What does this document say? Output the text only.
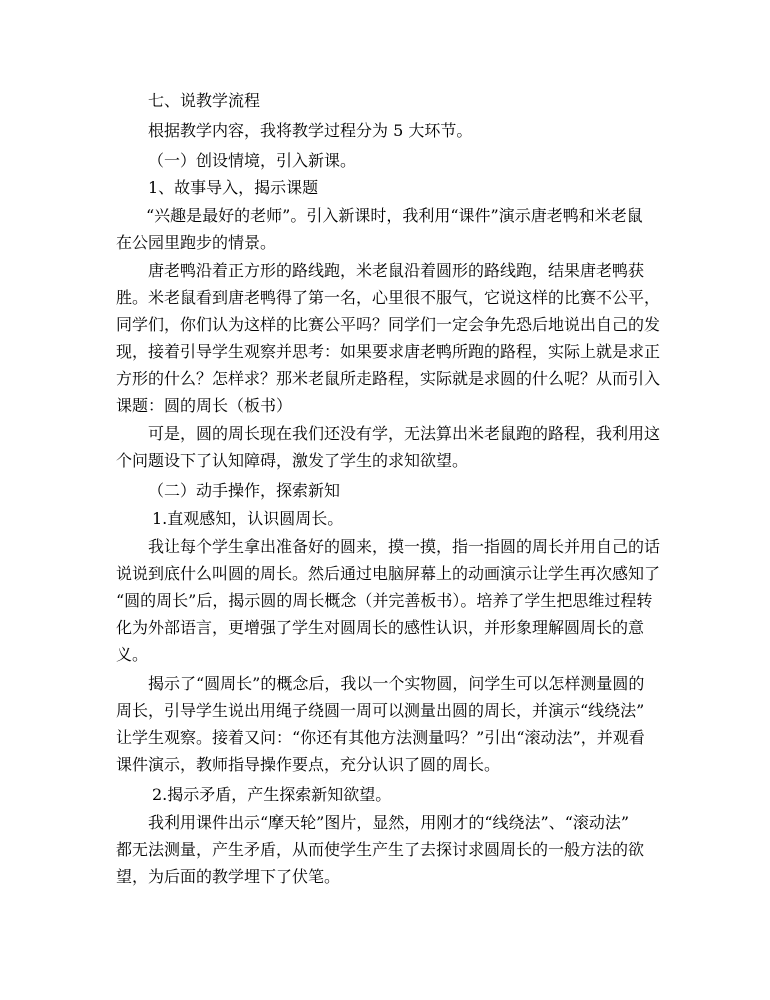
七、说教学流程
根据教学内容，我将教学过程分为 5 大环节。
（一）创设情境，引入新课。
1、故事导入，揭示课题
“兴趣是最好的老师”。引入新课时，我利用“课件”演示唐老鸭和米老鼠
在公园里跑步的情景。
唐老鸭沿着正方形的路线跑，米老鼠沿着圆形的路线跑，结果唐老鸭获
胜。米老鼠看到唐老鸭得了第一名，心里很不服气，它说这样的比赛不公平，
同学们，你们认为这样的比赛公平吗？同学们一定会争先恐后地说出自己的发
现，接着引导学生观察并思考：如果要求唐老鸭所跑的路程，实际上就是求正
方形的什么？怎样求？那米老鼠所走路程，实际就是求圆的什么呢？从而引入
课题：圆的周长（板书）
可是，圆的周长现在我们还没有学，无法算出米老鼠跑的路程，我利用这
个问题设下了认知障碍，激发了学生的求知欲望。
（二）动手操作，探索新知
1.直观感知，认识圆周长。
我让每个学生拿出准备好的圆来，摸一摸，指一指圆的周长并用自己的话
说说到底什么叫圆的周长。然后通过电脑屏幕上的动画演示让学生再次感知了
“圆的周长”后，揭示圆的周长概念（并完善板书）。培养了学生把思维过程转
化为外部语言，更增强了学生对圆周长的感性认识，并形象理解圆周长的意
义。
揭示了“圆周长”的概念后，我以一个实物圆，问学生可以怎样测量圆的
周长，引导学生说出用绳子绕圆一周可以测量出圆的周长，并演示“线绕法”
让学生观察。接着又问：“你还有其他方法测量吗？”引出“滚动法”，并观看
课件演示，教师指导操作要点，充分认识了圆的周长。
2.揭示矛盾，产生探索新知欲望。
我利用课件出示“摩天轮”图片，显然，用刚才的“线绕法”、“滚动法”
都无法测量，产生矛盾，从而使学生产生了去探讨求圆周长的一般方法的欲
望，为后面的教学埋下了伏笔。
